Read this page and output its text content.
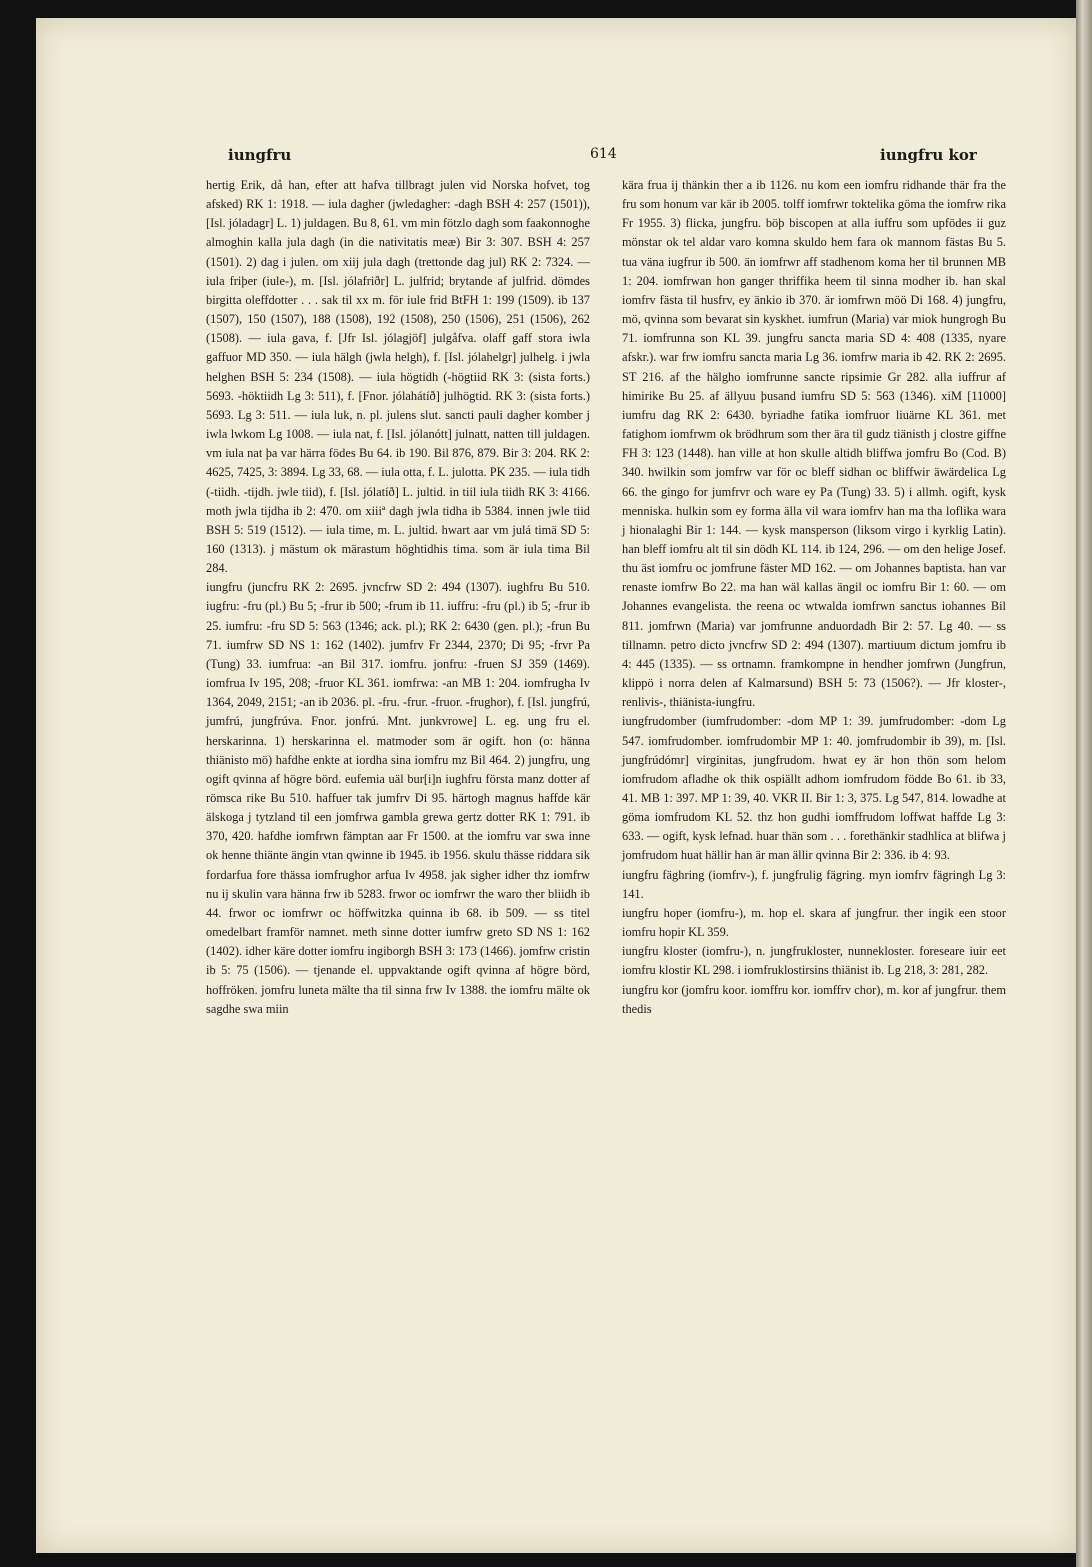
iungfru	614	iungfru kor

hertig Erik, då han, efter att hafva tillbragt julen vid Norska hofvet, tog afsked) RK 1: 1918. — iula dagher (jwledagher: -dagh BSH 4: 257 (1501)), [Isl. jóladagr] L. 1) juldagen. Bu 8, 61. vm min fötzlo dagh som faakonnoghe almoghin kalla jula dagh (in die nativitatis meæ) Bir 3: 307. BSH 4: 257 (1501). 2) dag i julen. om xiij jula dagh (trettonde dag jul) RK 2: 7324. — iula friþer (iule-), m. [Isl. jólafriðr] L. julfrid; brytande af julfrid. dömdes birgitta oleffdotter . . . sak til xx m. för iule frid BtFH 1: 199 (1509). ib 137 (1507), 150 (1507), 188 (1508), 192 (1508), 250 (1506), 251 (1506), 262 (1508). — iula gava, f. [Jfr Isl. jólagjöf] julgåfva. olaff gaff stora iwla gaffuor MD 350. — iula hälgh (jwla helgh), f. [Isl. jólahelgr] julhelg. i jwla helghen BSH 5: 234 (1508). — iula högtidh (-högtiid RK 3: (sista forts.) 5693. -höktiidh Lg 3: 511), f. [Fnor. jólahátíð] julhögtid. RK 3: (sista forts.) 5693. Lg 3: 511. — iula luk, n. pl. julens slut. sancti pauli dagher komber j iwla lwkom Lg 1008. — iula nat, f. [Isl. jólanótt] julnatt, natten till juldagen. vm iula nat þa var härra födes Bu 64. ib 190. Bil 876, 879. Bir 3: 204. RK 2: 4625, 7425, 3: 3894. Lg 33, 68. — iula otta, f. L. julotta. PK 235. — iula tidh (-tiidh. -tijdh. jwle tiid), f. [Isl. jólatíð] L. jultid. in tiil iula tiidh RK 3: 4166. moth jwla tijdha ib 2: 470. om xiiiª dagh jwla tidha ib 5384. innen jwle tiid BSH 5: 519 (1512). — iula time, m. L. jultid. hwart aar vm julá timä SD 5: 160 (1313). j mästum ok märastum höghtidhis tima. som är iula tima Bil 284.

iungfru (juncfru RK 2: 2695. jvncfrw SD 2: 494 (1307). iughfru Bu 510. iugfru: -fru (pl.) Bu 5; -frur ib 500; -frum ib 11. iuffru: -fru (pl.) ib 5; -frur ib 25. iumfru: -fru SD 5: 563 (1346; ack. pl.); RK 2: 6430 (gen. pl.); -frun Bu 71. iumfrw SD NS 1: 162 (1402). jumfrv Fr 2344, 2370; Di 95; -frvr Pa (Tung) 33. iumfrua: -an Bil 317. iomfru. jonfru: -fruen SJ 359 (1469). iomfrua Iv 195, 208; -fruor KL 361. iomfrwa: -an MB 1: 204. iomfrugha Iv 1364, 2049, 2151; -an ib 2036. pl. -fru. -frur. -fruor. -frughor), f. [Isl. jungfrú, jumfrú, jungfrúva. Fnor. jonfrú. Mnt. junkvrowe] L. eg. ung fru el. herskarinna. 1) herskarinna el. matmoder som är ogift. hon (o: hänna thiänisto mö) hafdhe enkte at iordha sina iomfru mz Bil 464. 2) jungfru, ung ogift qvinna af högre börd. eufemia uäl bur[i]n iughfru första manz dotter af römsca rike Bu 510. haffuer tak jumfrv Di 95. härtogh magnus haffde kär älskoga j tytzland til een jomfrwa gambla grewa gertz dotter RK 1: 791. ib 370, 420. hafdhe iomfrwn fämptan aar Fr 1500. at the iomfru var swa inne ok henne thiänte ängin vtan qwinne ib 1945. ib 1956. skulu thässe riddara sik fordarfua fore thässa iomfrughor arfua Iv 4958. jak sigher idher thz iomfrw nu ij skulin vara hänna frw ib 5283. frwor oc iomfrwr the waro ther bliidh ib 44. frwor oc iomfrwr oc höffwitzka quinna ib 68. ib 509. — ss titel omedelbart framför namnet. meth sinne dotter iumfrw greto SD NS 1: 162 (1402). idher käre dotter iomfru ingiborgh BSH 3: 173 (1466). jomfrw cristin ib 5: 75 (1506). — tjenande el. uppvaktande ogift qvinna af högre börd, hoffröken. jomfru luneta mälte tha til sinna frw Iv 1388. the iomfru mälte ok sagdhe swa miin

kära frua ij thänkin ther a ib 1126. nu kom een iomfru ridhande thär fra the fru som honum var kär ib 2005. tolff iomfrwr toktelika göma the iomfrw rika Fr 1955. 3) flicka, jungfru. böþ biscopen at alla iuffru som upfödes ii guz mönstar ok tel aldar varo komna skuldo hem fara ok mannom fästas Bu 5. tua väna iugfrur ib 500. än iomfrwr aff stadhenom koma her til brunnen MB 1: 204. iomfrwan hon ganger thriffika heem til sinna modher ib. han skal iomfrv fästa til husfrv, ey änkio ib 370. är iomfrwn möö Di 168. 4) jungfru, mö, qvinna som bevarat sin kyskhet. iumfrun (Maria) var miok hungrogh Bu 71. iomfrunna son KL 39. jungfru sancta maria SD 4: 408 (1335, nyare afskr.). war frw iomfru sancta maria Lg 36. iomfrw maria ib 42. RK 2: 2695. ST 216. af the hälgho iomfrunne sancte ripsimie Gr 282. alla iuffrur af himirike Bu 25. af ällyuu þusand iumfru SD 5: 563 (1346). xiM [11000] iumfru dag RK 2: 6430. byriadhe fatika iomfruor liuärne KL 361. met fatighom iomfrwm ok brödhrum som ther ära til gudz tiänisth j clostre giffne FH 3: 123 (1448). han ville at hon skulle altidh bliffwa jomfru Bo (Cod. B) 340. hwilkin som jomfrw var för oc bleff sidhan oc bliffwir äwärdelica Lg 66. the gingo for jumfrvr och ware ey Pa (Tung) 33. 5) i allmh. ogift, kysk menniska. hulkin som ey forma älla vil wara iomfrv han ma tha loflika wara j hionalaghi Bir 1: 144. — kysk mansperson (liksom virgo i kyrklig Latin). han bleff iomfru alt til sin dödh KL 114. ib 124, 296. — om den helige Josef. thu äst iomfru oc jomfrune fäster MD 162. — om Johannes baptista. han var renaste iomfrw Bo 22. ma han wäl kallas ängil oc iomfru Bir 1: 60. — om Johannes evangelista. the reena oc wtwalda iomfrwn sanctus iohannes Bil 811. jomfrwn (Maria) var jomfrunne anduordadh Bir 2: 57. Lg 40. — ss tillnamn. petro dicto jvncfrw SD 2: 494 (1307). martiuum dictum jomfru ib 4: 445 (1335). — ss ortnamn. framkompne in hendher jomfrwn (Jungfrun, klippö i norra delen af Kalmarsund) BSH 5: 73 (1506?). — Jfr kloster-, renlivis-, thiänista-iungfru.

iungfrudomber (iumfrudomber: -dom MP 1: 39. jumfrudomber: -dom Lg 547. iomfrudomber. iomfrudombir MP 1: 40. jomfrudombir ib 39), m. [Isl. jungfrúdómr] virginitas, jungfrudom. hwat ey är hon thön som helom iomfrudom afladhe ok thik ospiällt adhom iomfrudom födde Bo 61. ib 33, 41. MB 1: 397. MP 1: 39, 40. VKR II. Bir 1: 3, 375. Lg 547, 814. lowadhe at göma iomfrudom KL 52. thz hon gudhi iomffrudom loffwat haffde Lg 3: 633. — ogift, kysk lefnad. huar thän som . . . forethänkir stadhlica at blifwa j jomfrudom huat hällir han är man ällir qvinna Bir 2: 336. ib 4: 93.

iungfru fäghring (iomfrv-), f. jungfrulig fägring. myn iomfrv fägringh Lg 3: 141.

iungfru hoper (iomfru-), m. hop el. skara af jungfrur. ther ingik een stoor iomfru hopir KL 359.

iungfru kloster (iomfru-), n. jungfrukloster, nunnekloster. foreseare iuir eet iomfru klostir KL 298. i iomfruklostirsins thiänist ib. Lg 218, 3: 281, 282.

iungfru kor (jomfru koor. iomffru kor. iomffrv chor), m. kor af jungfrur. them thedis
